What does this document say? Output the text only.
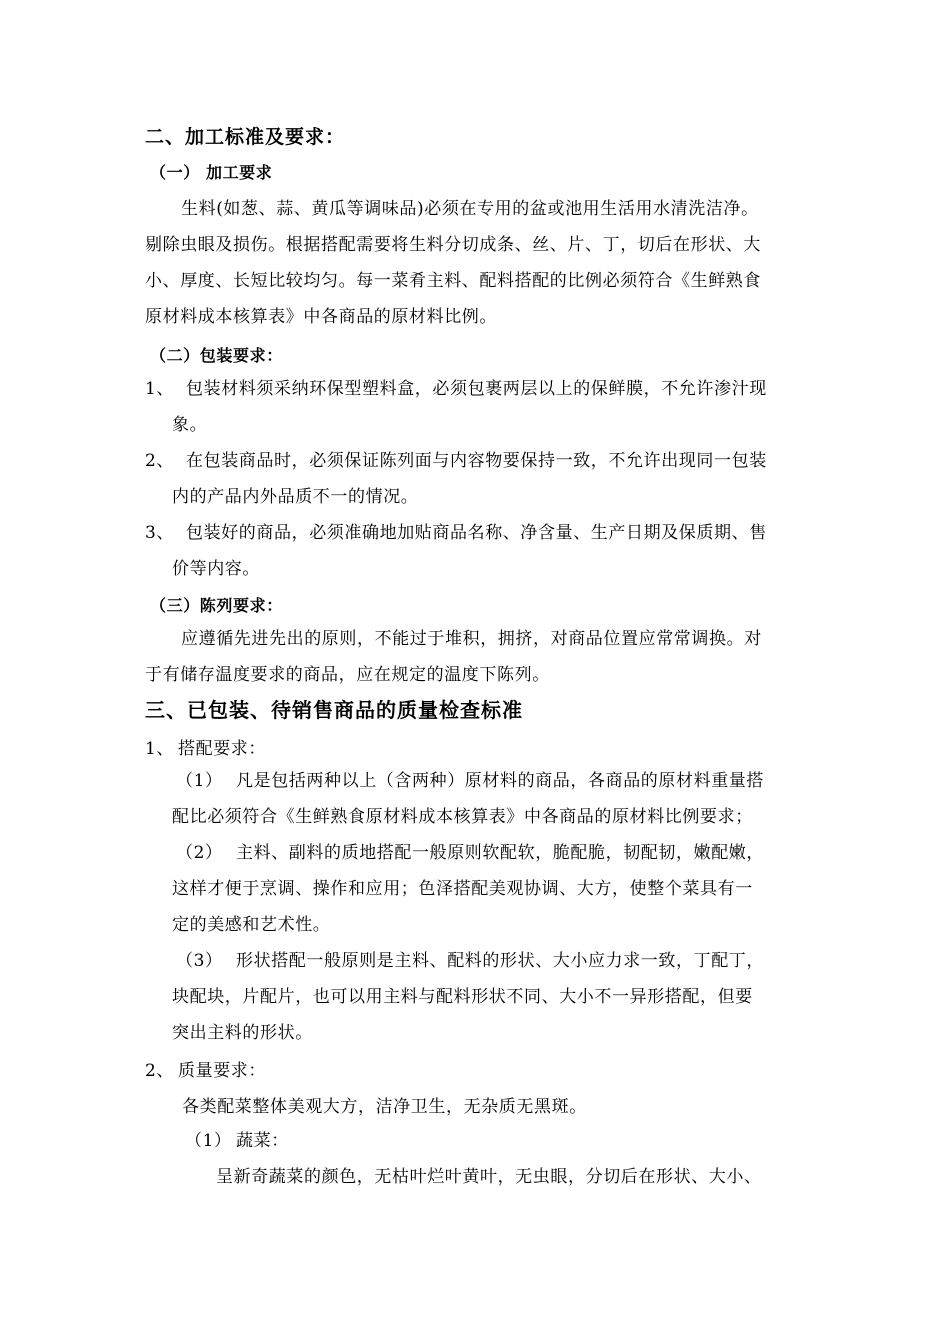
二、加工标准及要求：
（一） 加工要求
生料(如葱、蒜、黄瓜等调味品)必须在专用的盆或池用生活用水清洗洁净。
剔除虫眼及损伤。根据搭配需要将生料分切成条、丝、片、丁，切后在形状、大
小、厚度、长短比较均匀。每一菜肴主料、配料搭配的比例必须符合《生鲜熟食
原材料成本核算表》中各商品的原材料比例。
（二）包装要求：
1、 包装材料须采纳环保型塑料盒，必须包裹两层以上的保鲜膜，不允许渗汁现
象。
2、 在包装商品时，必须保证陈列面与内容物要保持一致，不允许出现同一包装
内的产品内外品质不一的情况。
3、 包装好的商品，必须准确地加贴商品名称、净含量、生产日期及保质期、售
价等内容。
（三）陈列要求：
应遵循先进先出的原则，不能过于堆积，拥挤，对商品位置应常常调换。对
于有储存温度要求的商品，应在规定的温度下陈列。
三、已包装、待销售商品的质量检查标准
1、 搭配要求：
（1） 凡是包括两种以上（含两种）原材料的商品，各商品的原材料重量搭
配比必须符合《生鲜熟食原材料成本核算表》中各商品的原材料比例要求；
（2） 主料、副料的质地搭配一般原则软配软，脆配脆，韧配韧，嫩配嫩，
这样才便于烹调、操作和应用；色泽搭配美观协调、大方，使整个菜具有一
定的美感和艺术性。
（3） 形状搭配一般原则是主料、配料的形状、大小应力求一致，丁配丁，
块配块，片配片，也可以用主料与配料形状不同、大小不一异形搭配，但要
突出主料的形状。
2、 质量要求：
各类配菜整体美观大方，洁净卫生，无杂质无黑斑。
（1） 蔬菜：
呈新奇蔬菜的颜色，无枯叶烂叶黄叶，无虫眼，分切后在形状、大小、
